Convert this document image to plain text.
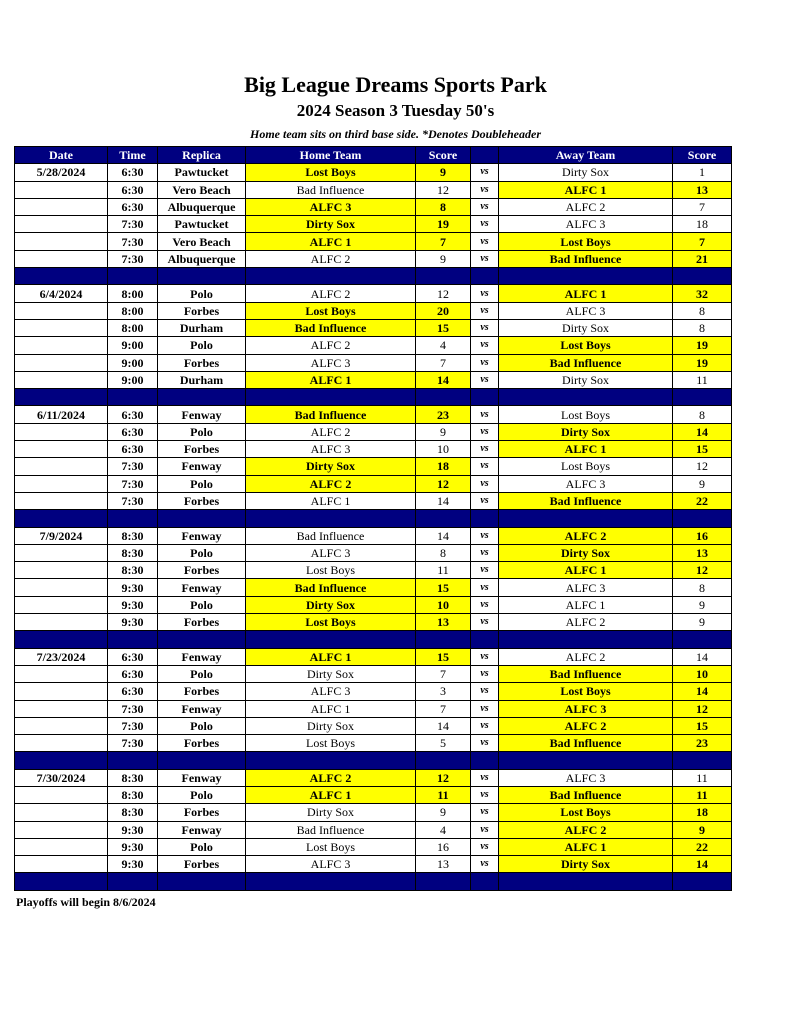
Big League Dreams Sports Park
2024 Season 3 Tuesday 50's
Home team sits on third base side. *Denotes Doubleheader
Date	Time	Replica	Home Team	Score		Away Team	Score
5/28/2024	6:30	Pawtucket	Lost Boys	9	vs	Dirty Sox	1
	6:30	Vero Beach	Bad Influence	12	vs	ALFC 1	13
	6:30	Albuquerque	ALFC 3	8	vs	ALFC 2	7
	7:30	Pawtucket	Dirty Sox	19	vs	ALFC 3	18
	7:30	Vero Beach	ALFC 1	7	vs	Lost Boys	7
	7:30	Albuquerque	ALFC 2	9	vs	Bad Influence	21

6/4/2024	8:00	Polo	ALFC 2	12	vs	ALFC 1	32
	8:00	Forbes	Lost Boys	20	vs	ALFC 3	8
	8:00	Durham	Bad Influence	15	vs	Dirty Sox	8
	9:00	Polo	ALFC 2	4	vs	Lost Boys	19
	9:00	Forbes	ALFC 3	7	vs	Bad Influence	19
	9:00	Durham	ALFC 1	14	vs	Dirty Sox	11

6/11/2024	6:30	Fenway	Bad Influence	23	vs	Lost Boys	8
	6:30	Polo	ALFC 2	9	vs	Dirty Sox	14
	6:30	Forbes	ALFC 3	10	vs	ALFC 1	15
	7:30	Fenway	Dirty Sox	18	vs	Lost Boys	12
	7:30	Polo	ALFC 2	12	vs	ALFC 3	9
	7:30	Forbes	ALFC 1	14	vs	Bad Influence	22

7/9/2024	8:30	Fenway	Bad Influence	14	vs	ALFC 2	16
	8:30	Polo	ALFC 3	8	vs	Dirty Sox	13
	8:30	Forbes	Lost Boys	11	vs	ALFC 1	12
	9:30	Fenway	Bad Influence	15	vs	ALFC 3	8
	9:30	Polo	Dirty Sox	10	vs	ALFC 1	9
	9:30	Forbes	Lost Boys	13	vs	ALFC 2	9

7/23/2024	6:30	Fenway	ALFC 1	15	vs	ALFC 2	14
	6:30	Polo	Dirty Sox	7	vs	Bad Influence	10
	6:30	Forbes	ALFC 3	3	vs	Lost Boys	14
	7:30	Fenway	ALFC 1	7	vs	ALFC 3	12
	7:30	Polo	Dirty Sox	14	vs	ALFC 2	15
	7:30	Forbes	Lost Boys	5	vs	Bad Influence	23

7/30/2024	8:30	Fenway	ALFC 2	12	vs	ALFC 3	11
	8:30	Polo	ALFC 1	11	vs	Bad Influence	11
	8:30	Forbes	Dirty Sox	9	vs	Lost Boys	18
	9:30	Fenway	Bad Influence	4	vs	ALFC 2	9
	9:30	Polo	Lost Boys	16	vs	ALFC 1	22
	9:30	Forbes	ALFC 3	13	vs	Dirty Sox	14

Playoffs will begin 8/6/2024
